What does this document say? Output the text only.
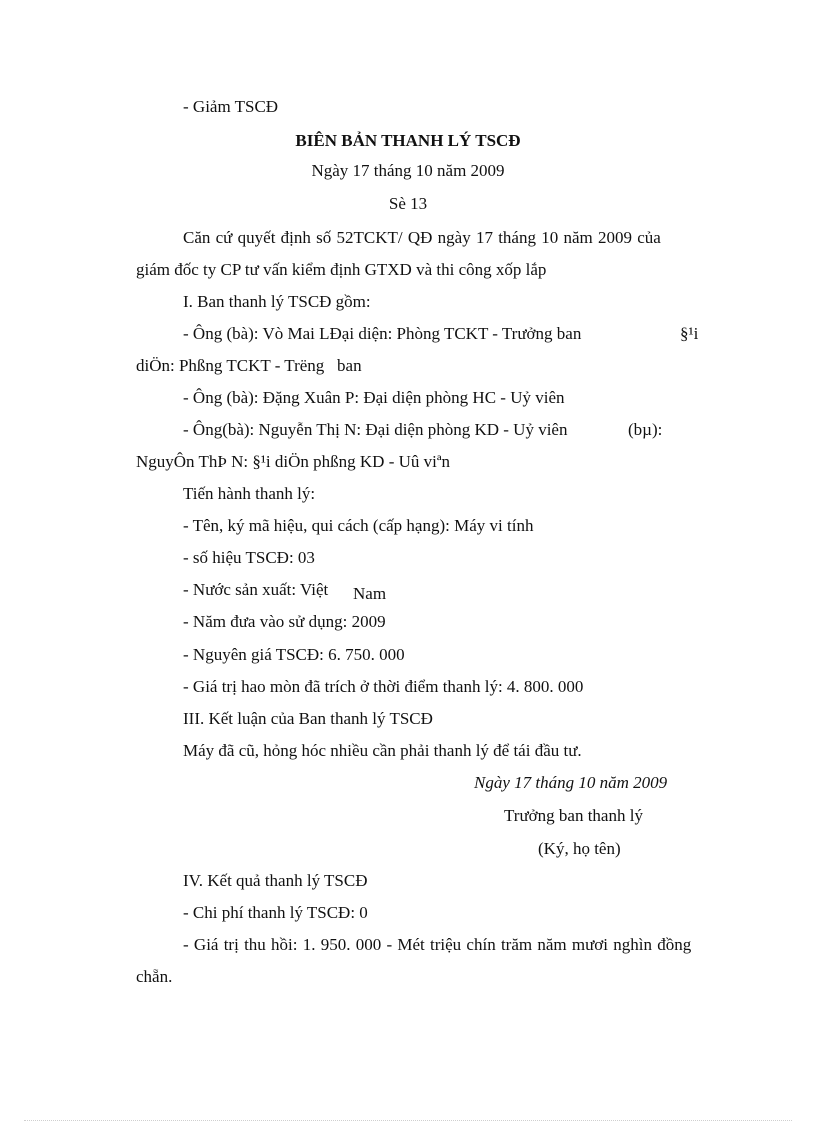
- Giảm TSCĐ
BIÊN BẢN THANH LÝ TSCĐ
Ngày 17 tháng 10 năm 2009
Sè 13
Căn cứ quyết định số 52TCKT/ QĐ ngày 17 tháng 10 năm 2009 của
giám đốc ty CP tư vấn kiểm định GTXD và thi công xốp lắp
I. Ban thanh lý TSCĐ gồm:
- Ông (bà): Vò Mai LĐại diện: Phòng TCKT - Trưởng ban	§¹i
diÖn: Phßng TCKT - Trëng   ban
- Ông (bà): Đặng Xuân P: Đại diện phòng HC - Uỷ viên
- Ông(bà): Nguyễn Thị N: Đại diện phòng KD - Uỷ viên	(bµ):
NguyÔn ThÞ N: §¹i diÖn phßng KD - Uû viªn
Tiến hành thanh lý:
- Tên, ký mã hiệu, qui cách (cấp hạng): Máy vi tính
- số hiệu TSCĐ: 03
- Nước sản xuất: Việt Nam
- Năm đưa vào sử dụng: 2009
- Nguyên giá TSCĐ: 6. 750. 000
- Giá trị hao mòn đã trích ở thời điểm thanh lý: 4. 800. 000
III. Kết luận của Ban thanh lý TSCĐ
Máy đã cũ, hỏng hóc nhiều cần phải thanh lý để tái đầu tư.
Ngày 17 tháng 10 năm 2009
Trưởng ban thanh lý
(Ký, họ tên)
IV. Kết quả thanh lý TSCĐ
- Chi phí thanh lý TSCĐ: 0
- Giá trị thu hồi: 1. 950. 000 - Mét triệu chín trăm năm mươi nghìn đồng
chẵn.
